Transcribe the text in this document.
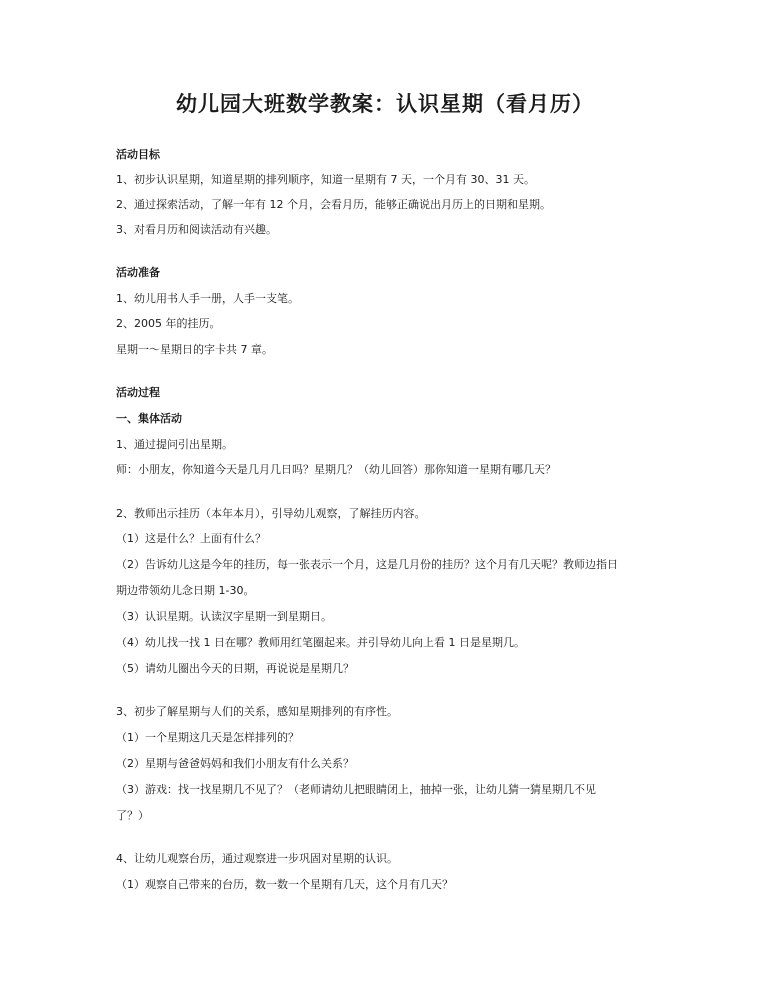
幼儿园大班数学教案：认识星期（看月历）

活动目标

1、初步认识星期，知道星期的排列顺序，知道一星期有 7 天，一个月有 30、31 天。

2、通过探索活动，了解一年有 12 个月，会看月历，能够正确说出月历上的日期和星期。

3、对看月历和阅读活动有兴趣。

活动准备

1、幼儿用书人手一册，人手一支笔。

2、2005 年的挂历。

星期一～星期日的字卡共 7 章。

活动过程

一、集体活动

1、通过提问引出星期。

师：小朋友，你知道今天是几月几日吗？星期几？（幼儿回答）那你知道一星期有哪几天？

2、教师出示挂历（本年本月），引导幼儿观察，了解挂历内容。

（1）这是什么？上面有什么？

（2）告诉幼儿这是今年的挂历，每一张表示一个月，这是几月份的挂历？这个月有几天呢？教师边指日

期边带领幼儿念日期 1-30。

（3）认识星期。认读汉字星期一到星期日。

（4）幼儿找一找 1 日在哪？教师用红笔圈起来。并引导幼儿向上看 1 日是星期几。

（5）请幼儿圈出今天的日期，再说说是星期几？

3、初步了解星期与人们的关系，感知星期排列的有序性。

（1）一个星期这几天是怎样排列的？

（2）星期与爸爸妈妈和我们小朋友有什么关系？

（3）游戏：找一找星期几不见了？（老师请幼儿把眼睛闭上，抽掉一张，让幼儿猜一猜星期几不见

了？）

4、让幼儿观察台历，通过观察进一步巩固对星期的认识。

（1）观察自己带来的台历，数一数一个星期有几天，这个月有几天？
